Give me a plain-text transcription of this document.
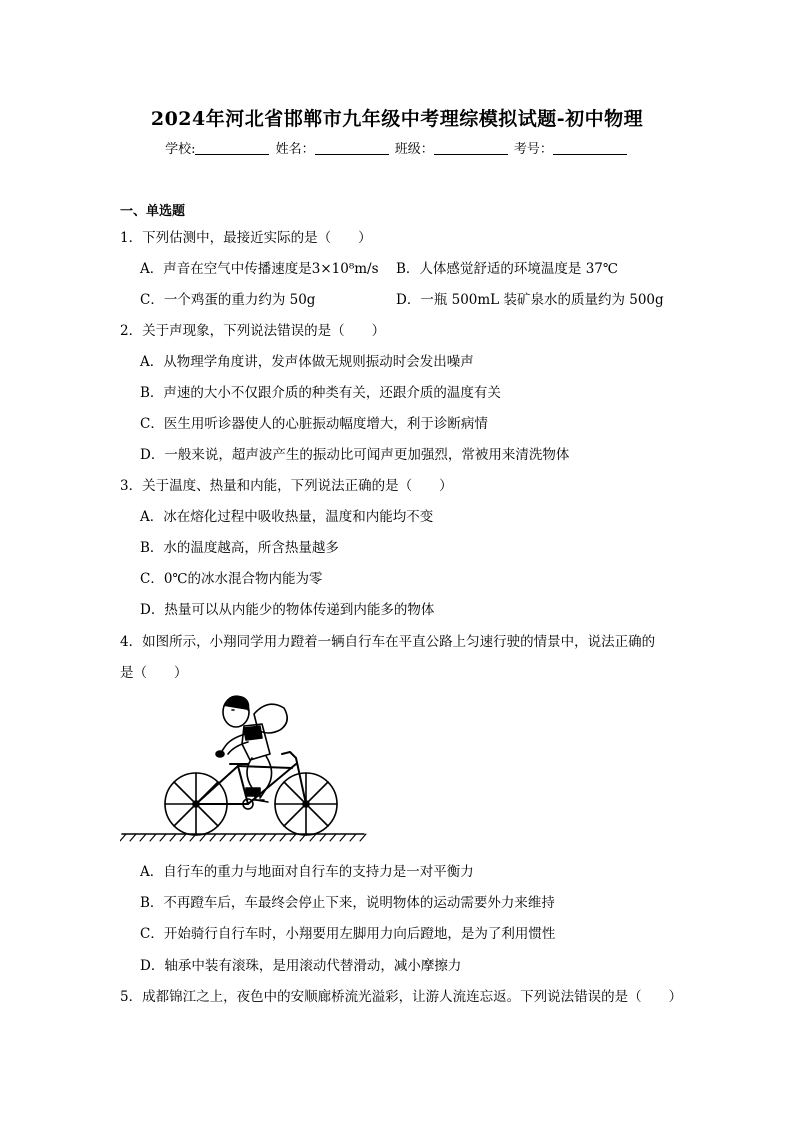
2024年河北省邯郸市九年级中考理综模拟试题-初中物理
学校:	姓名：	班级：	考号：
一、单选题
1．下列估测中，最接近实际的是（　　）
A．声音在空气中传播速度是3×10⁸m/s B．人体感觉舒适的环境温度是 37℃
C．一个鸡蛋的重力约为 50g	D．一瓶 500mL 装矿泉水的质量约为 500g
2．关于声现象，下列说法错误的是（　　）
A．从物理学角度讲，发声体做无规则振动时会发出噪声
B．声速的大小不仅跟介质的种类有关，还跟介质的温度有关
C．医生用听诊器使人的心脏振动幅度增大，利于诊断病情
D．一般来说，超声波产生的振动比可闻声更加强烈，常被用来清洗物体
3．关于温度、热量和内能，下列说法正确的是（　　）
A．冰在熔化过程中吸收热量，温度和内能均不变
B．水的温度越高，所含热量越多
C．0℃的冰水混合物内能为零
D．热量可以从内能少的物体传递到内能多的物体
4．如图所示，小翔同学用力蹬着一辆自行车在平直公路上匀速行驶的情景中，说法正确的
是（　　）
A．自行车的重力与地面对自行车的支持力是一对平衡力
B．不再蹬车后，车最终会停止下来，说明物体的运动需要外力来维持
C．开始骑行自行车时，小翔要用左脚用力向后蹬地，是为了利用惯性
D．轴承中装有滚珠，是用滚动代替滑动，减小摩擦力
5．成都锦江之上，夜色中的安顺廊桥流光溢彩，让游人流连忘返。下列说法错误的是（　　）
